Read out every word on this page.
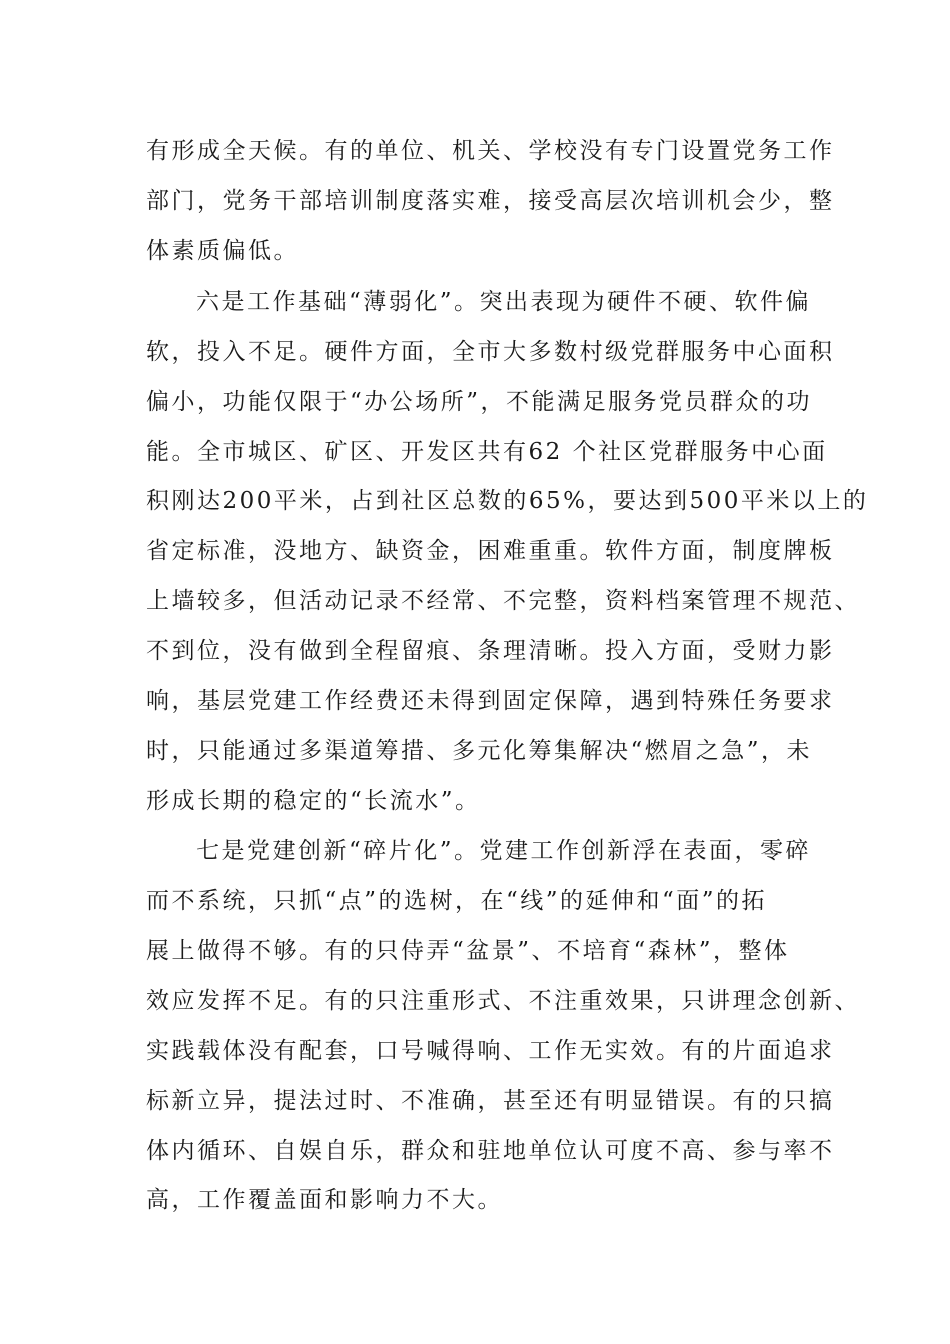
有形成全天候。有的单位、机关、学校没有专门设置党务工作
部门，党务干部培训制度落实难，接受高层次培训机会少，整
体素质偏低。
六是工作基础“薄弱化”。突出表现为硬件不硬、软件偏
软，投入不足。硬件方面，全市大多数村级党群服务中心面积
偏小，功能仅限于“办公场所”，不能满足服务党员群众的功
能。全市城区、矿区、开发区共有62 个社区党群服务中心面
积刚达200平米，占到社区总数的65%，要达到500平米以上的
省定标准，没地方、缺资金，困难重重。软件方面，制度牌板
上墙较多，但活动记录不经常、不完整，资料档案管理不规范、
不到位，没有做到全程留痕、条理清晰。投入方面，受财力影
响，基层党建工作经费还未得到固定保障，遇到特殊任务要求
时，只能通过多渠道筹措、多元化筹集解决“燃眉之急”，未
形成长期的稳定的“长流水”。
七是党建创新“碎片化”。党建工作创新浮在表面，零碎
而不系统，只抓“点”的选树，在“线”的延伸和“面”的拓
展上做得不够。有的只侍弄“盆景”、不培育“森林”，整体
效应发挥不足。有的只注重形式、不注重效果，只讲理念创新、
实践载体没有配套，口号喊得响、工作无实效。有的片面追求
标新立异，提法过时、不准确，甚至还有明显错误。有的只搞
体内循环、自娱自乐，群众和驻地单位认可度不高、参与率不
高，工作覆盖面和影响力不大。
